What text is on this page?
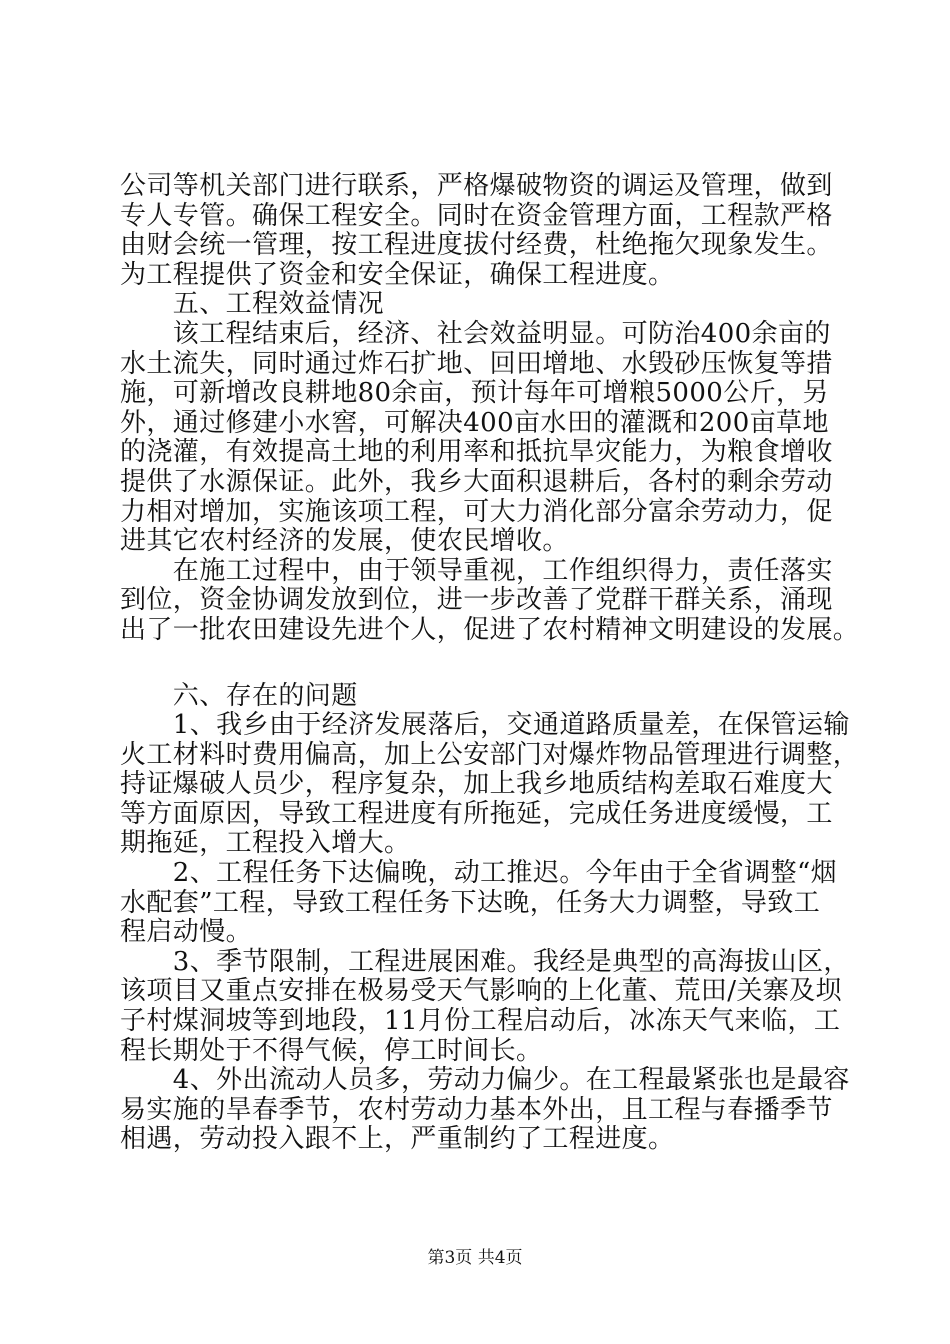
公司等机关部门进行联系，严格爆破物资的调运及管理，做到
专人专管。确保工程安全。同时在资金管理方面，工程款严格
由财会统一管理，按工程进度拔付经费，杜绝拖欠现象发生。
为工程提供了资金和安全保证，确保工程进度。
　　五、工程效益情况
　　该工程结束后，经济、社会效益明显。可防治400余亩的
水土流失，同时通过炸石扩地、回田增地、水毁砂压恢复等措
施，可新增改良耕地80余亩，预计每年可增粮5000公斤，另
外，通过修建小水窖，可解决400亩水田的灌溉和200亩草地
的浇灌，有效提高土地的利用率和抵抗旱灾能力，为粮食增收
提供了水源保证。此外，我乡大面积退耕后，各村的剩余劳动
力相对增加，实施该项工程，可大力消化部分富余劳动力，促
进其它农村经济的发展，使农民增收。
　　在施工过程中，由于领导重视，工作组织得力，责任落实
到位，资金协调发放到位，进一步改善了党群干群关系，涌现
出了一批农田建设先进个人，促进了农村精神文明建设的发展。
　　六、存在的问题
　　1、我乡由于经济发展落后，交通道路质量差，在保管运输
火工材料时费用偏高，加上公安部门对爆炸物品管理进行调整，
持证爆破人员少，程序复杂，加上我乡地质结构差取石难度大
等方面原因，导致工程进度有所拖延，完成任务进度缓慢，工
期拖延，工程投入增大。
　　2、工程任务下达偏晚，动工推迟。今年由于全省调整“烟
水配套”工程，导致工程任务下达晚，任务大力调整，导致工
程启动慢。
　　3、季节限制，工程进展困难。我经是典型的高海拔山区，
该项目又重点安排在极易受天气影响的上化董、荒田/关寨及坝
子村煤洞坡等到地段，11月份工程启动后，冰冻天气来临，工
程长期处于不得气候，停工时间长。
　　4、外出流动人员多，劳动力偏少。在工程最紧张也是最容
易实施的旱春季节，农村劳动力基本外出，且工程与春播季节
相遇，劳动投入跟不上，严重制约了工程进度。
第3页 共4页
